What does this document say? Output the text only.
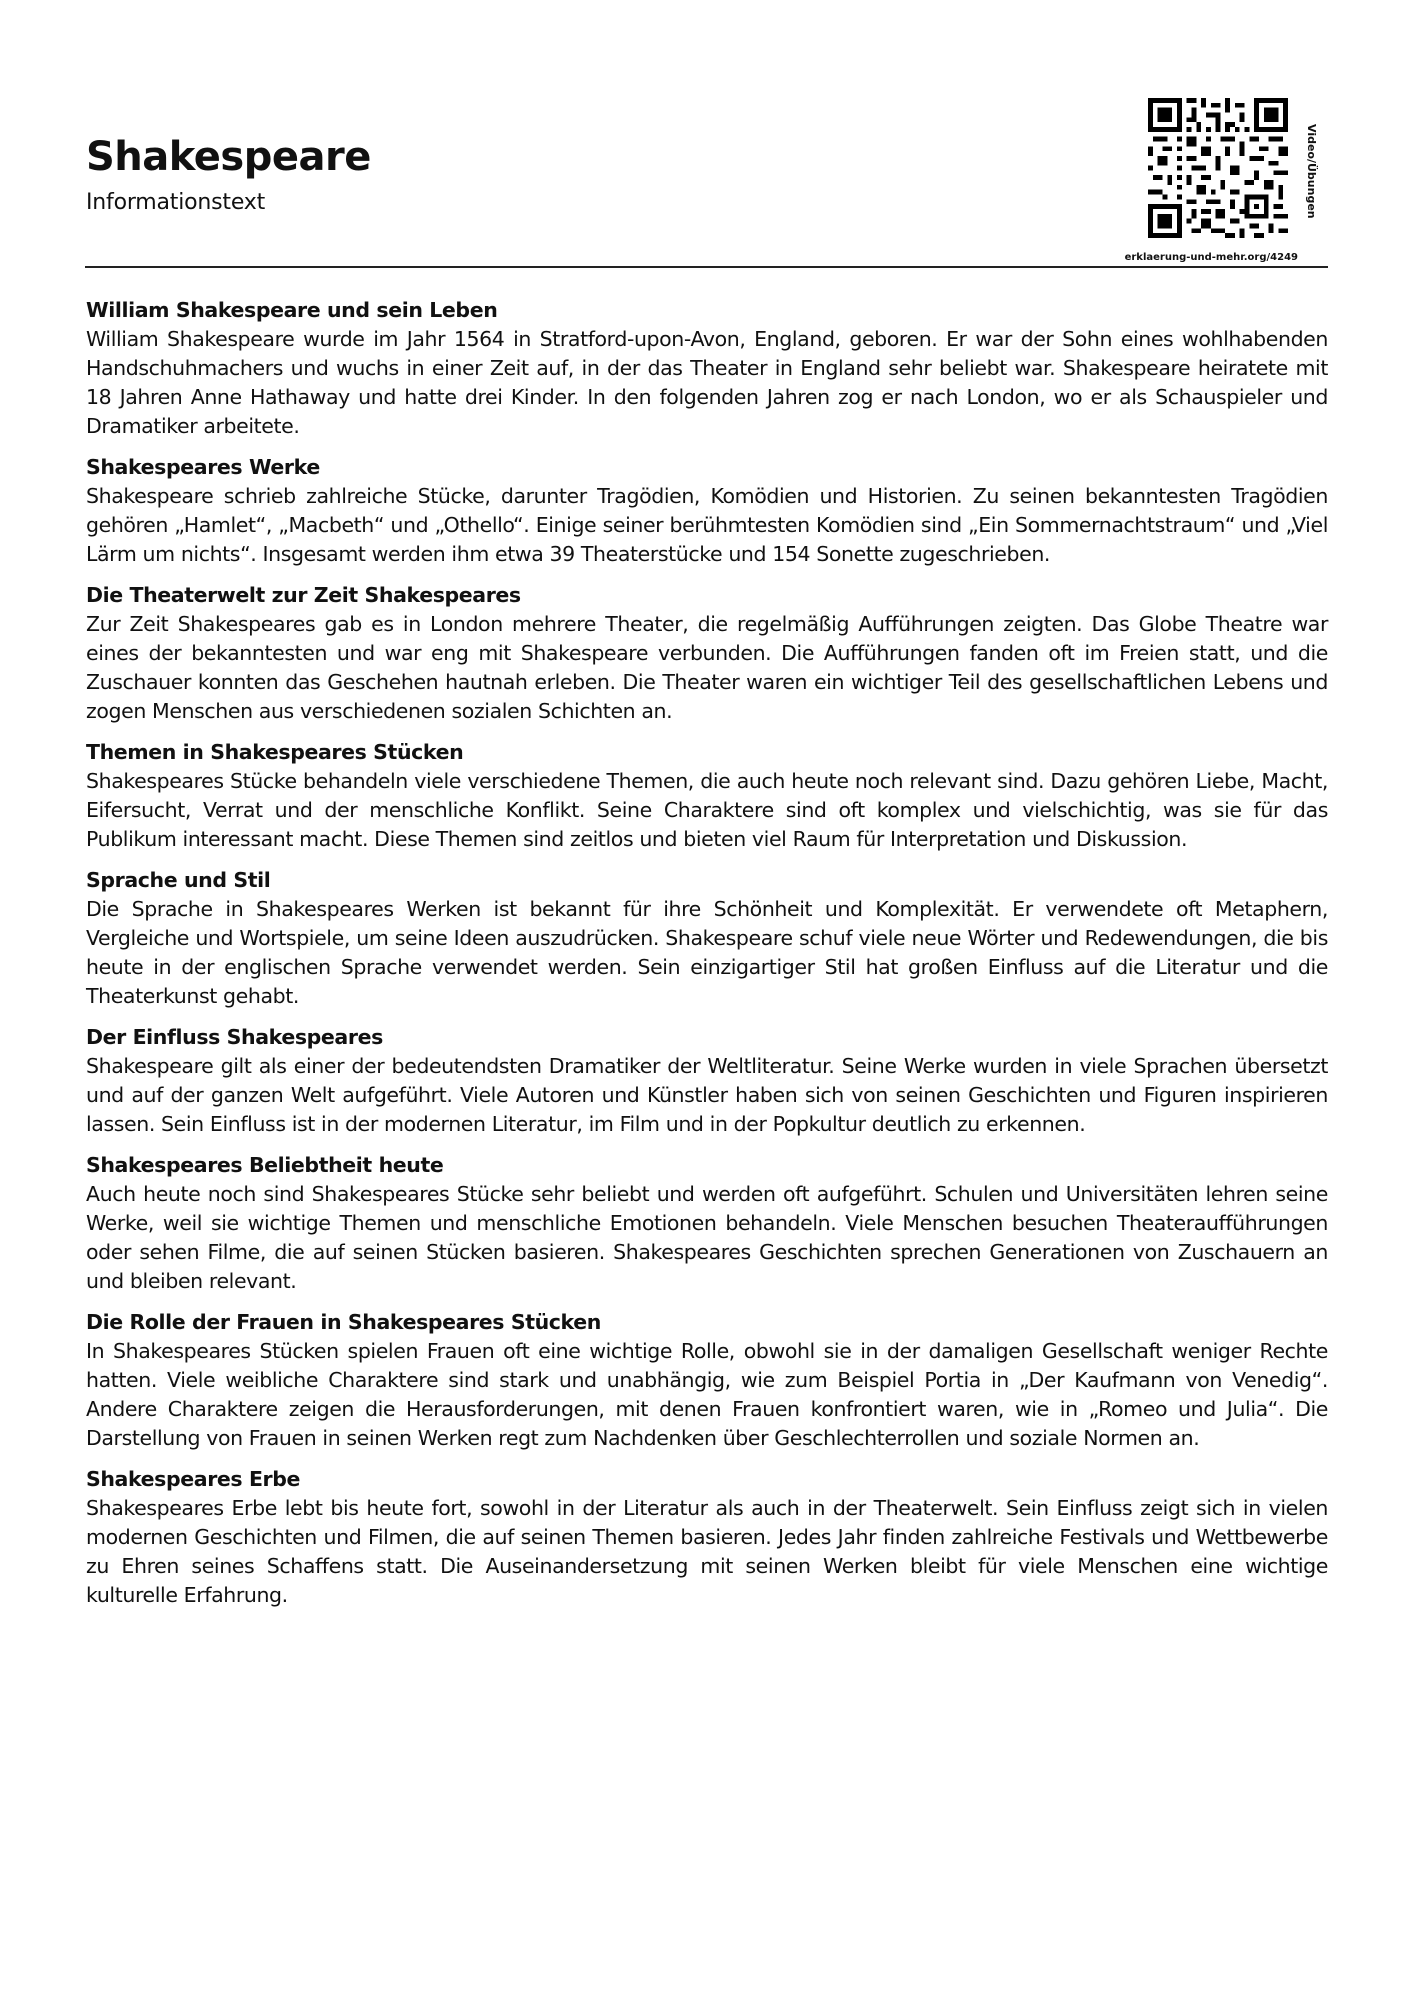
Shakespeare
Informationstext	Video/Übungen
erklaerung-und-mehr.org/4249
William Shakespeare und sein Leben

William Shakespeare wurde im Jahr 1564 in Stratford-upon-Avon, England, geboren. Er war der Sohn eines wohlhabenden Handschuhmachers und wuchs in einer Zeit auf, in der das Theater in England sehr beliebt war. Shakespeare heiratete mit 18 Jahren Anne Hathaway und hatte drei Kinder. In den folgenden Jahren zog er nach London, wo er als Schauspieler und Dramatiker arbeitete.

Shakespeares Werke

Shakespeare schrieb zahlreiche Stücke, darunter Tragödien, Komödien und Historien. Zu seinen bekanntesten Tragödien gehören „Hamlet“, „Macbeth“ und „Othello“. Einige seiner berühmtesten Komödien sind „Ein Sommernachtstraum“ und „Viel Lärm um nichts“. Insgesamt werden ihm etwa 39 Theaterstücke und 154 Sonette zugeschrieben.

Die Theaterwelt zur Zeit Shakespeares

Zur Zeit Shakespeares gab es in London mehrere Theater, die regelmäßig Aufführungen zeigten. Das Globe Theatre war eines der bekanntesten und war eng mit Shakespeare verbunden. Die Aufführungen fanden oft im Freien statt, und die Zuschauer konnten das Geschehen hautnah erleben. Die Theater waren ein wichtiger Teil des gesellschaftlichen Lebens und zogen Menschen aus verschiedenen sozialen Schichten an.

Themen in Shakespeares Stücken

Shakespeares Stücke behandeln viele verschiedene Themen, die auch heute noch relevant sind. Dazu gehören Liebe, Macht, Eifersucht, Verrat und der menschliche Konflikt. Seine Charaktere sind oft komplex und vielschichtig, was sie für das Publikum interessant macht. Diese Themen sind zeitlos und bieten viel Raum für Interpretation und Diskussion.

Sprache und Stil

Die Sprache in Shakespeares Werken ist bekannt für ihre Schönheit und Komplexität. Er verwendete oft Metaphern, Vergleiche und Wortspiele, um seine Ideen auszudrücken. Shakespeare schuf viele neue Wörter und Redewendungen, die bis heute in der englischen Sprache verwendet werden. Sein einzigartiger Stil hat großen Einfluss auf die Literatur und die Theaterkunst gehabt.

Der Einfluss Shakespeares

Shakespeare gilt als einer der bedeutendsten Dramatiker der Weltliteratur. Seine Werke wurden in viele Sprachen übersetzt und auf der ganzen Welt aufgeführt. Viele Autoren und Künstler haben sich von seinen Geschichten und Figuren inspirieren lassen. Sein Einfluss ist in der modernen Literatur, im Film und in der Popkultur deutlich zu erkennen.

Shakespeares Beliebtheit heute

Auch heute noch sind Shakespeares Stücke sehr beliebt und werden oft aufgeführt. Schulen und Universitäten lehren seine Werke, weil sie wichtige Themen und menschliche Emotionen behandeln. Viele Menschen besuchen Theateraufführungen oder sehen Filme, die auf seinen Stücken basieren. Shakespeares Geschichten sprechen Generationen von Zuschauern an und bleiben relevant.

Die Rolle der Frauen in Shakespeares Stücken

In Shakespeares Stücken spielen Frauen oft eine wichtige Rolle, obwohl sie in der damaligen Gesellschaft weniger Rechte hatten. Viele weibliche Charaktere sind stark und unabhängig, wie zum Beispiel Portia in „Der Kaufmann von Venedig“. Andere Charaktere zeigen die Herausforderungen, mit denen Frauen konfrontiert waren, wie in „Romeo und Julia“. Die Darstellung von Frauen in seinen Werken regt zum Nachdenken über Geschlechterrollen und soziale Normen an.

Shakespeares Erbe

Shakespeares Erbe lebt bis heute fort, sowohl in der Literatur als auch in der Theaterwelt. Sein Einfluss zeigt sich in vielen modernen Geschichten und Filmen, die auf seinen Themen basieren. Jedes Jahr finden zahlreiche Festivals und Wettbewerbe zu Ehren seines Schaffens statt. Die Auseinandersetzung mit seinen Werken bleibt für viele Menschen eine wichtige kulturelle Erfahrung.
